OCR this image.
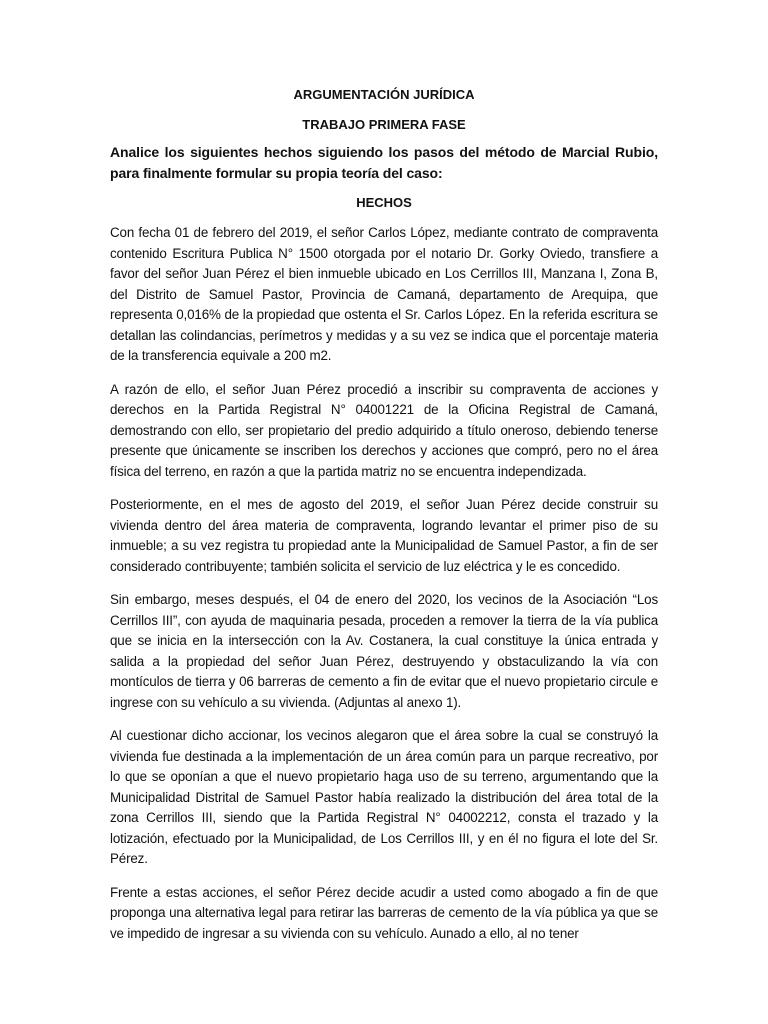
ARGUMENTACIÓN JURÍDICA

TRABAJO PRIMERA FASE

Analice los siguientes hechos siguiendo los pasos del método de Marcial Rubio, para finalmente formular su propia teoría del caso:

HECHOS

Con fecha 01 de febrero del 2019, el señor Carlos López, mediante contrato de compraventa contenido Escritura Publica N° 1500 otorgada por el notario Dr. Gorky Oviedo, transfiere a favor del señor Juan Pérez el bien inmueble ubicado en Los Cerrillos III, Manzana I, Zona B, del Distrito de Samuel Pastor, Provincia de Camaná, departamento de Arequipa, que representa 0,016% de la propiedad que ostenta el Sr. Carlos López. En la referida escritura se detallan las colindancias, perímetros y medidas y a su vez se indica que el porcentaje materia de la transferencia equivale a 200 m2.

A razón de ello, el señor Juan Pérez procedió a inscribir su compraventa de acciones y derechos en la Partida Registral N° 04001221 de la Oficina Registral de Camaná, demostrando con ello, ser propietario del predio adquirido a título oneroso, debiendo tenerse presente que únicamente se inscriben los derechos y acciones que compró, pero no el área física del terreno, en razón a que la partida matriz no se encuentra independizada.

Posteriormente, en el mes de agosto del 2019, el señor Juan Pérez decide construir su vivienda dentro del área materia de compraventa, logrando levantar el primer piso de su inmueble; a su vez registra tu propiedad ante la Municipalidad de Samuel Pastor, a fin de ser considerado contribuyente; también solicita el servicio de luz eléctrica y le es concedido.

Sin embargo, meses después, el 04 de enero del 2020, los vecinos de la Asociación “Los Cerrillos III”, con ayuda de maquinaria pesada, proceden a remover la tierra de la vía publica que se inicia en la intersección con la Av. Costanera, la cual constituye la única entrada y salida a la propiedad del señor Juan Pérez, destruyendo y obstaculizando la vía con montículos de tierra y 06 barreras de cemento a fin de evitar que el nuevo propietario circule e ingrese con su vehículo a su vivienda. (Adjuntas al anexo 1).

Al cuestionar dicho accionar, los vecinos alegaron que el área sobre la cual se construyó la vivienda fue destinada a la implementación de un área común para un parque recreativo, por lo que se oponían a que el nuevo propietario haga uso de su terreno, argumentando que la Municipalidad Distrital de Samuel Pastor había realizado la distribución del área total de la zona Cerrillos III, siendo que la Partida Registral N° 04002212, consta el trazado y la lotización, efectuado por la Municipalidad, de Los Cerrillos III, y en él no figura el lote del Sr. Pérez.

Frente a estas acciones, el señor Pérez decide acudir a usted como abogado a fin de que proponga una alternativa legal para retirar las barreras de cemento de la vía pública ya que se ve impedido de ingresar a su vivienda con su vehículo. Aunado a ello, al no tener
